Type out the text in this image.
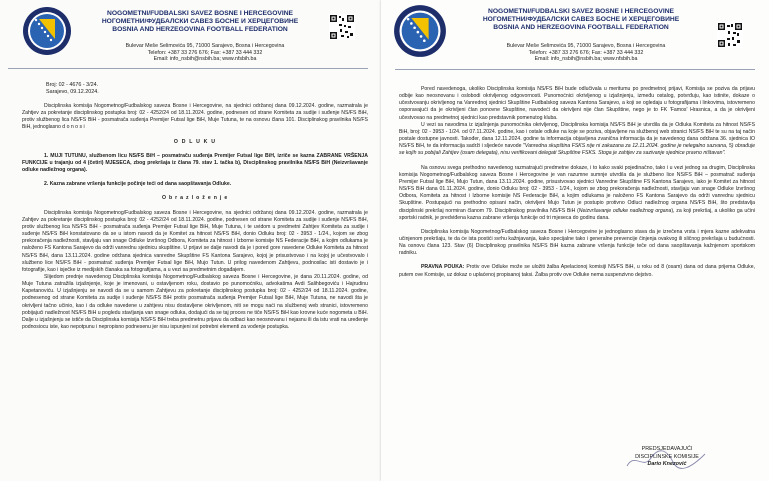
NOGOMETNI/FUDBALSKI SAVEZ BOSNE I HERCEGOVINE
НОГОМЕТНИ/ФУДБАЛСКИ САВЕЗ БОСНЕ И ХЕРЦЕГОВИНЕ
BOSNIA AND HERZEGOVINA FOOTBALL FEDERATION
Bulevar Meše Selimovića 95, 71000 Sarajevo, Bosna i Hercegovina
Telefon: +387 33 276 676; Fax: +387 33 444 332
Email: info_nsbih@nsbih.ba; www.nfsbih.ba
Broj: 02 - 4676 - 3/24.
Sarajevo, 09.12.2024.

Disciplinska komisija Nogometnog/Fudbalskog saveza Bosne i Hercegovine, na sjednici održanoj dana 09.12.2024. godine, razmatrala je Zahtjev za pokretanje disciplinskog postupka broj: 02 - 4252/24 od 18.11.2024. godine, podnesen od strane Komiteta za sudije i suđenje NS/FS BiH, protiv službenog lica NS/FS BiH - posmatrača suđenja Premijer Futsal lige BiH, Muje Tutuna, te na osnovu člana 101. Disciplinskog pravilnika NS/FS BiH, jednoglasno d o n o s i

O D L U K U

1. MUJI TUTUNU, službenom licu NS/FS BiH – posmatraču suđenja Premijer Futsal lige BiH, izriče se kazna ZABRANE VRŠENJA FUNKCIJE u trajanju od 4 (četiri) MJESECA, zbog prekršaja iz člana 79. stav 1. tačka b), Disciplinskog pravilnika NS/FS BiH (Neizvršavanje odluke nadležnog organa).

2. Kazna zabrane vršenja funkcije počinje teći od dana saopštavanja Odluke.

O b r a z l o ž e n j e

Disciplinska komisija Nogometnog/Fudbalskog saveza Bosne i Hercegovine, na sjednici održanoj dana 09.12.2024. godine, razmatrala je Zahtjev za pokretanje disciplinskog postupka broj: 02 - 4252/24 od 18.11.2024. godine, podnesen od strane Komiteta za sudije i suđenje NS/FS BiH, protiv službenog lica NS/FS BiH - posmatrača suđenja Premijer Futsal lige BiH, Muje Tutuna, i te uvidom u predmetni Zahtjev Komiteta za sudije i suđenje NS/FS BiH konstatovano da se u istom navodi da je Komitet za hitnost NS/FS BiH, donio Odluku broj: 02 - 3953 - 1/24., kojom se zbog prekoračenja nadležnosti, stavljaju van snage Odluke Izvršnog Odbora, Komiteta za hitnost i Izborne komisije NS Federacije BiH, a kojim odlukama je naloženo FS Kantona Sarajevo da održi vanrednu sjednicu skupštine. U prijavi se dalje navodi da je i pored gore navedene Odluke Komiteta za hitnost NS/FS BiH, dana 13.11.2024. godine održana sjednica vanredne Skupštine FS Kantona Sarajevo, kojoj je prisustvovao i na kojoj je učestvovalo i službeno lice NS/FS BiH - posmatrač suđenja Premijer Futsal lige BiH, Mujo Tutun. U prilog navedenom Zahtjevu, podnosilac isti dostavio je i fotografije, kao i isječke iz medijskih članaka sa fotografijama, a u vezi sa predmetnim događajem.

Slijedom prednje navedenog Disciplinska komisija Nogometnog/Fudbalskog saveza Bosne i Hercegovine, je dana 20.11.2024. godine, od Muje Tutuna zatražila izjašnjenje, koje je imenovani, u ostavljenom roku, dostavio po punomoćniku, advokatima Avdi Salihbegoviću i Hajrudinu Kapetanoviću. U izjašnjenju se navodi da se u samom Zahtjevu za pokretanje disciplinskog postupka broj: 02 - 4252/24 od 18.11.2024. godine, podnesenog od strane Komiteta za sudije i suđenje NS/FS BiH protiv posmatrača suđenja Premijer Futsal lige BiH, Muje Tutuna, ne navodi šta je okrivljeni tačno učinio, kao i da odluke navedene u zahtjevu nisu dostavljene okrivljenom, niti se mogu naći na službenoj web stranici, istovremeno pobijajući nadležnost NS/FS BiH u pogledu stavljanja van snage odluka, dodajući da se taj proces ne tiče NS/FS BiH kao krovne kuće nogometa u BiH. Dalje u izjašnjenju se ističe da Disciplinska komisija NS/FS BiH treba predmetnu prijavu da odbaci kao neosnovanu i nejasnu ili da istu vrati na uređenje podnosiocu iste, kao nepotpunu i nepropisno podnesenu jer nisu ispunjeni svi potrebni elementi za vođenje postupka.

NOGOMETNI/FUDBALSKI SAVEZ BOSNE I HERCEGOVINE
НОГОМЕТНИ/ФУДБАЛСКИ САВЕЗ БОСНЕ И ХЕРЦЕГОВИНЕ
BOSNIA AND HERZEGOVINA FOOTBALL FEDERATION
Bulevar Meše Selimovića 95, 71000 Sarajevo, Bosna i Hercegovina
Telefon: +387 33 276 676; Fax: +387 33 444 332
Email: info_nsbih@nsbih.ba; www.nfsbih.ba

Pored navedenoga, ukoliko Disciplinska komisija NS/FS BiH bude odlučivala u meritumu po predmetnoj prijavi, Komisija se poziva da prijavu odbije kao neosnovanu i oslobodi okrivljenog odgovornosti. Punomoćnici okrivljenog u izjašnjenju, između ostalog, potvrđuju, kao istinite, dokaze o učestvovanju okrivljenog na Vanrednoj sjednici Skupštine Fudbalskog saveza Kantona Sarajevo, a koji se ogledaju u fotografijama i linkovima, istovremeno osporavajući da je okrivljeni član ponovne Skupštine, navodeći da okrivljeni nije član Skupštine, nego je to FK 'Famos' Hrasnica, a da je okrivljeni učestvovao na predmetnoj sjednici kao predstavnik pomenutog kluba.

U vezi sa navodima iz izjašnjenja punomoćnika okrivljenog, Disciplinska komisija NS/FS BiH je utvrdila da je Odluka Komiteta za hitnost NS/FS BiH, broj: 02 - 3953 - 1/24. od 07.11.2024. godine, kao i ostale odluke na koje se poziva, objavljene na službenoj web stranici NS/FS BiH te su na taj način postale dostupne javnosti. Također, dana 12.11.2024. godine ta informacija objavljena zvanična informacija da je navedenog dana održana 36. sjednica IO NS/FS BiH, te da informacija sadrži i sljedeće navode "Vanredna skupština FSKS nije ni zakazana za 12.11.2024. godine je nelegalno sazvana, 5) obrađuje se kojih su pobijali Zahtjev (osam delegata), nisu verifikovani delegati Skupštine FSKS. Stoga je zahtjev za sazivanje sjednice pravno ništavan".

Na osnovu svega prethodno navedenog razmatrajući predmetne dokaze, i to kako svaki pojedinačno, tako i u vezi jednog sa drugim, Disciplinska komisija Nogometnog/Fudbalskog saveza Bosne i Hercegovine je van razumne sumnje utvrdila da je službeno lice NS/FS BiH – posmatrač suđenja Premijer Futsal lige BiH, Mujo Tutun, dana 13.11.2024. godine, prisustvovao sjednici Vanredne Skupštine FS Kantona Sarajevo, iako je Komitet za hitnost NS/FS BiH dana 01.11.2024. godine, donio Odluku broj: 02 - 3953 - 1/24., kojom se zbog prekoračenja nadležnosti, stavljaju van snage Odluke Izvršnog Odbora, Komiteta za hitnost i Izborne komisije NS Federacije BiH, a kojim odlukama je naloženo FS Kantona Sarajevo da održi vanrednu sjednicu Skupštine. Postupajući na prethodno opisani način, okrivljeni Mujo Tutun je postupio protivno Odluci nadležnog organa NS/FS BiH, što predstavlja disciplinski prekršaj normiran članom 79. Disciplinskog pravilnika NS/FS BiH (Neizvršavanje odluke nadležnog organa), za koji prekršaj, a ukoliko ga učini sportski radnik, je predviđena kazna zabrane vršenja funkcije od tri mjeseca do godinu dana.

Disciplinska komisija Nogometnog/Fudbalskog saveza Bosne i Hercegovine je jednoglasno stava da je izrečena vrsta i mjera kazne adekvatna učinjenom prekršaju, te da će ista postići svrhu kažnjavanja, kako specijalne tako i generalne prevencije činjenja ovakvog ili sličnog prekršaja u budućnosti. Na osnovu člana 123. Stav (6) Disciplinskog pravilnika NS/FS BiH kazna zabrane vršenja funkcije teče od dana saopštavanja kažnjenom sportskom radniku.

PRAVNA POUKA: Protiv ove Odluke može se uložiti žalba Apelacionoj komisiji NS/FS BiH, u roku od 8 (osam) dana od dana prijema Odluke, putem ove Komisije, uz dokaz o uplaćenoj propisanoj taksi. Žalba protiv ove Odluke nema suspenzivno dejstvo.

PREDSJEDAVAJUĆI
DISCIPLINSKE KOMISIJE
Dario Knezović
